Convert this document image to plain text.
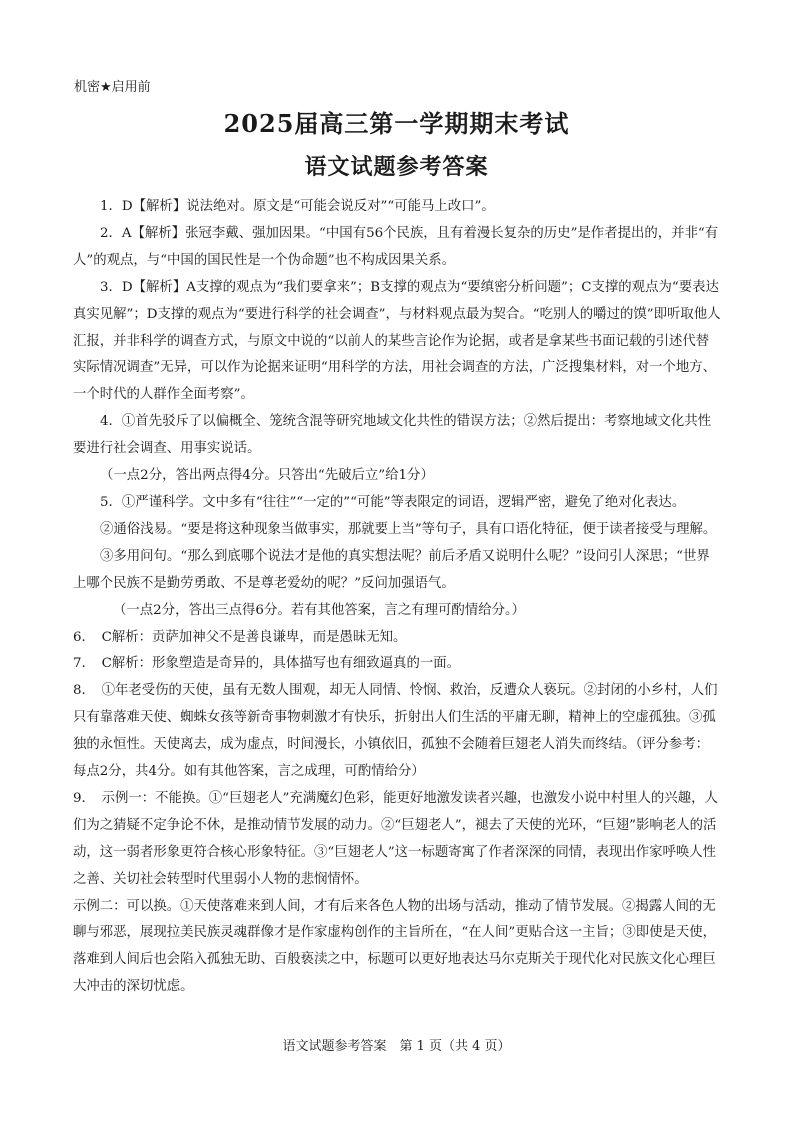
机密★启用前
2025届高三第一学期期末考试
语文试题参考答案

1．D【解析】说法绝对。原文是“可能会说反对”“可能马上改口”。

2．A【解析】张冠李戴、强加因果。“中国有56个民族，且有着漫长复杂的历史”是作者提出的，并非“有人”的观点，与“中国的国民性是一个伪命题”也不构成因果关系。

3．D【解析】A支撑的观点为“我们要拿来”；B支撑的观点为“要缜密分析问题”；C支撑的观点为“要表达真实见解”；D支撑的观点为“要进行科学的社会调查”，与材料观点最为契合。“吃别人的嚼过的馍”即听取他人汇报，并非科学的调查方式，与原文中说的“以前人的某些言论作为论据，或者是拿某些书面记载的引述代替实际情况调查”无异，可以作为论据来证明“用科学的方法，用社会调查的方法，广泛搜集材料，对一个地方、一个时代的人群作全面考察”。

4．①首先驳斥了以偏概全、笼统含混等研究地域文化共性的错误方法；②然后提出：考察地域文化共性要进行社会调查、用事实说话。

（一点2分，答出两点得4分。只答出“先破后立”给1分）

5．①严谨科学。文中多有“往往”“一定的”“可能”等表限定的词语，逻辑严密，避免了绝对化表达。

②通俗浅易。“要是将这种现象当做事实，那就要上当”等句子，具有口语化特征，便于读者接受与理解。

③多用问句。“那么到底哪个说法才是他的真实想法呢？前后矛盾又说明什么呢？”设问引人深思；“世界上哪个民族不是勤劳勇敢、不是尊老爱幼的呢？”反问加强语气。

（一点2分，答出三点得6分。若有其他答案，言之有理可酌情给分。）

6．　C解析：贡萨加神父不是善良谦卑，而是愚昧无知。

7．　C解析：形象塑造是奇异的，具体描写也有细致逼真的一面。

8．　①年老受伤的天使，虽有无数人围观，却无人同情、怜悯、救治，反遭众人亵玩。②封闭的小乡村，人们只有靠落难天使、蜘蛛女孩等新奇事物刺激才有快乐，折射出人们生活的平庸无聊，精神上的空虚孤独。③孤独的永恒性。天使离去，成为虚点，时间漫长，小镇依旧，孤独不会随着巨翅老人消失而终结。（评分参考：每点2分，共4分。如有其他答案，言之成理，可酌情给分）

9．　示例一：不能换。①“巨翅老人”充满魔幻色彩，能更好地激发读者兴趣，也激发小说中村里人的兴趣，人们为之猜疑不定争论不休，是推动情节发展的动力。②“巨翅老人”，褪去了天使的光环，“巨翅”影响老人的活动，这一弱者形象更符合核心形象特征。③“巨翅老人”这一标题寄寓了作者深深的同情，表现出作家呼唤人性之善、关切社会转型时代里弱小人物的悲悯情怀。

示例二：可以换。①天使落难来到人间，才有后来各色人物的出场与活动，推动了情节发展。②揭露人间的无聊与邪恶，展现拉美民族灵魂群像才是作家虚构创作的主旨所在，“在人间”更贴合这一主旨；③即使是天使，落难到人间后也会陷入孤独无助、百般亵渎之中，标题可以更好地表达马尔克斯关于现代化对民族文化心理巨大冲击的深切忧虑。

语文试题参考答案　第 1 页（共 4 页）
